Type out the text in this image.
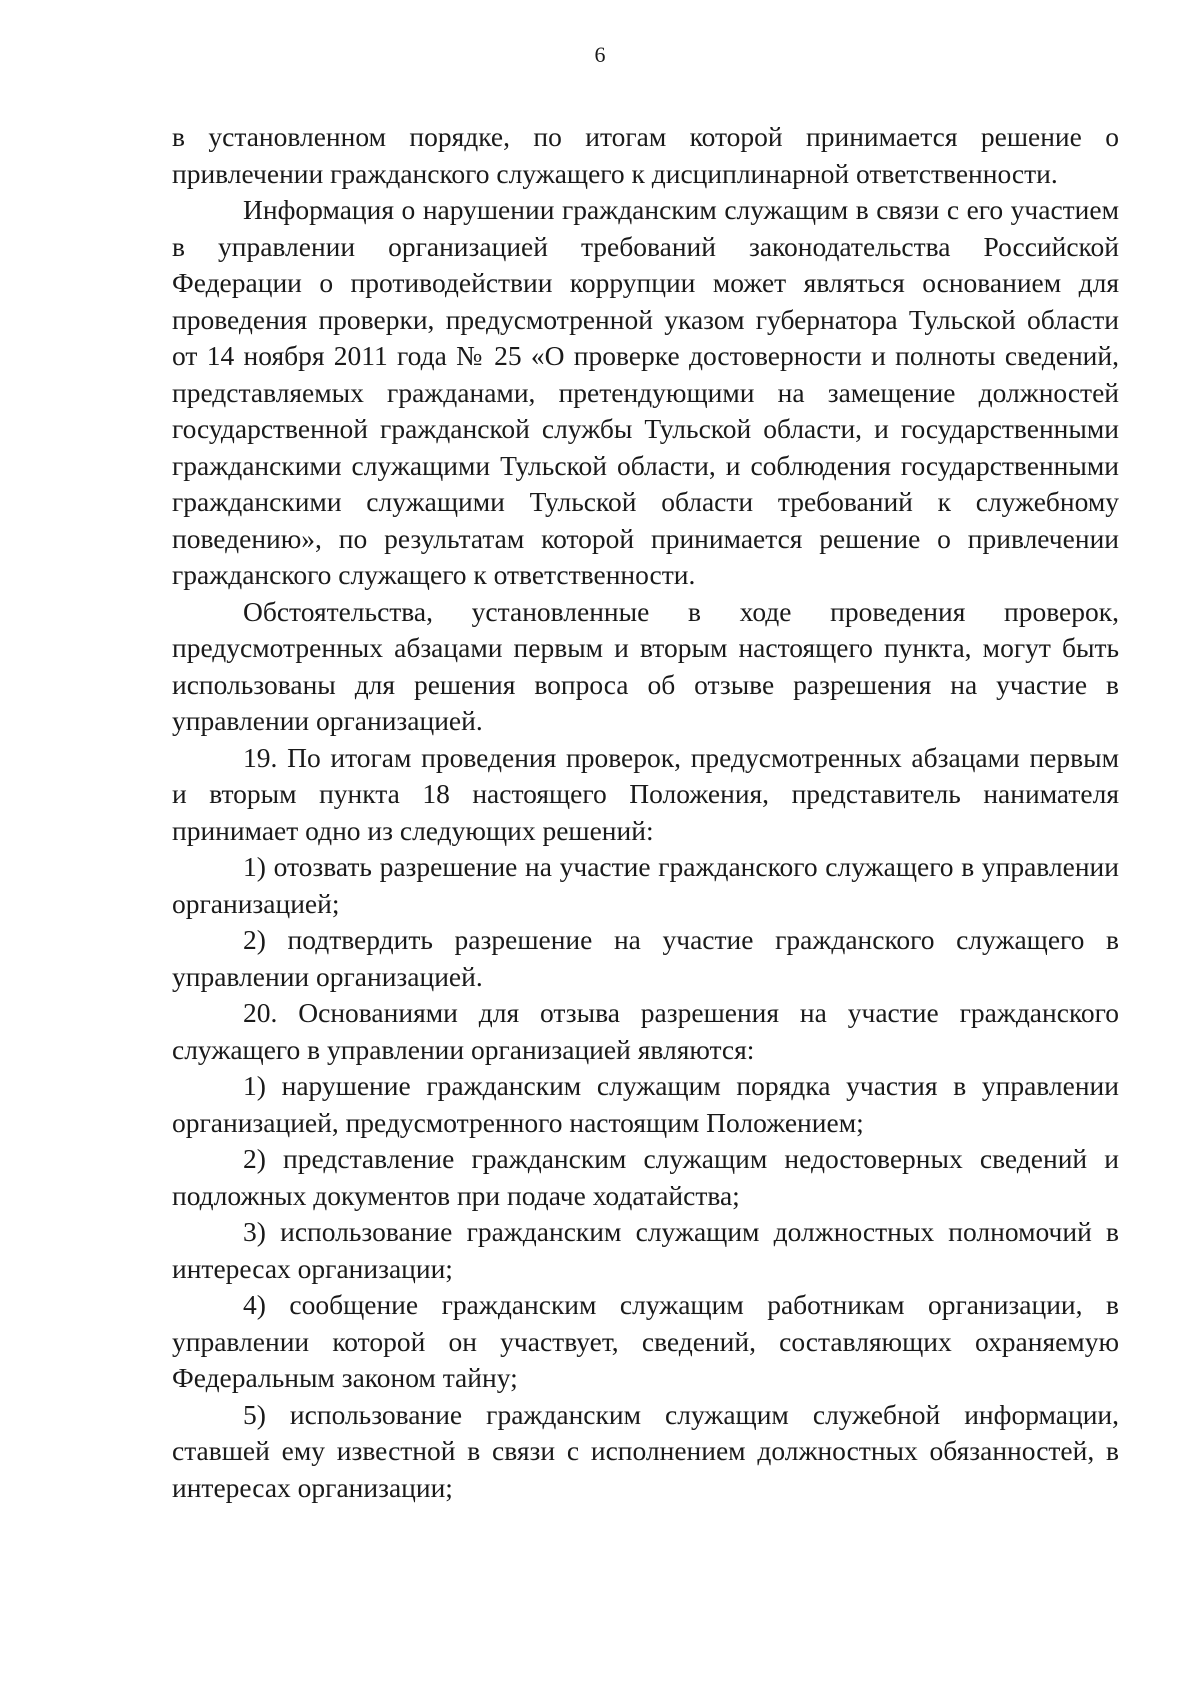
6

в установленном порядке, по итогам которой принимается решение о привлечении гражданского служащего к дисциплинарной ответственности.

Информация о нарушении гражданским служащим в связи с его участием в управлении организацией требований законодательства Российской Федерации о противодействии коррупции может являться основанием для проведения проверки, предусмотренной указом губернатора Тульской области от 14 ноября 2011 года № 25 «О проверке достоверности и полноты сведений, представляемых гражданами, претендующими на замещение должностей государственной гражданской службы Тульской области, и государственными гражданскими служащими Тульской области, и соблюдения государственными гражданскими служащими Тульской области требований к служебному поведению», по результатам которой принимается решение о привлечении гражданского служащего к ответственности.

Обстоятельства, установленные в ходе проведения проверок, предусмотренных абзацами первым и вторым настоящего пункта, могут быть использованы для решения вопроса об отзыве разрешения на участие в управлении организацией.

19. По итогам проведения проверок, предусмотренных абзацами первым и вторым пункта 18 настоящего Положения, представитель нанимателя принимает одно из следующих решений:

1) отозвать разрешение на участие гражданского служащего в управлении организацией;

2) подтвердить разрешение на участие гражданского служащего в управлении организацией.

20. Основаниями для отзыва разрешения на участие гражданского служащего в управлении организацией являются:

1) нарушение гражданским служащим порядка участия в управлении организацией, предусмотренного настоящим Положением;

2) представление гражданским служащим недостоверных сведений и подложных документов при подаче ходатайства;

3) использование гражданским служащим должностных полномочий в интересах организации;

4) сообщение гражданским служащим работникам организации, в управлении которой он участвует, сведений, составляющих охраняемую Федеральным законом тайну;

5) использование гражданским служащим служебной информации, ставшей ему известной в связи с исполнением должностных обязанностей, в интересах организации;
